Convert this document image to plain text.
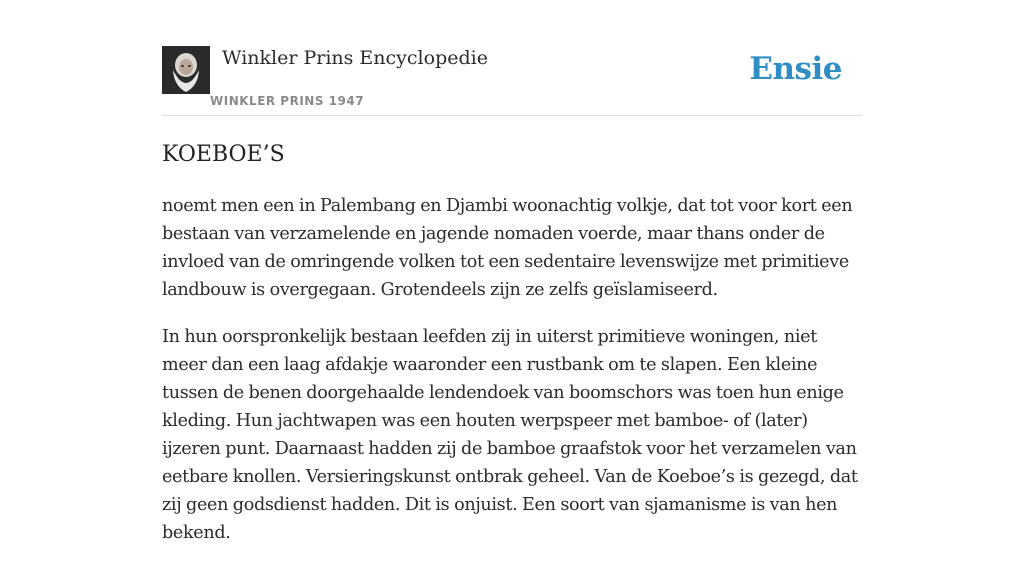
Winkler Prins Encyclopedie
WINKLER PRINS 1947
Ensie
KOEBOE’S

noemt men een in Palembang en Djambi woonachtig volkje, dat tot voor kort een bestaan van verzamelende en jagende nomaden voerde, maar thans onder de invloed van de omringende volken tot een sedentaire levenswijze met primitieve landbouw is overgegaan. Grotendeels zijn ze zelfs geïslamiseerd.

In hun oorspronkelijk bestaan leefden zij in uiterst primitieve woningen, niet meer dan een laag afdakje waaronder een rustbank om te slapen. Een kleine tussen de benen doorgehaalde lendendoek van boomschors was toen hun enige kleding. Hun jachtwapen was een houten werpspeer met bamboe- of (later) ijzeren punt. Daarnaast hadden zij de bamboe graafstok voor het verzamelen van eetbare knollen. Versieringskunst ontbrak geheel. Van de Koeboe’s is gezegd, dat zij geen godsdienst hadden. Dit is onjuist. Een soort van sjamanisme is van hen bekend.
